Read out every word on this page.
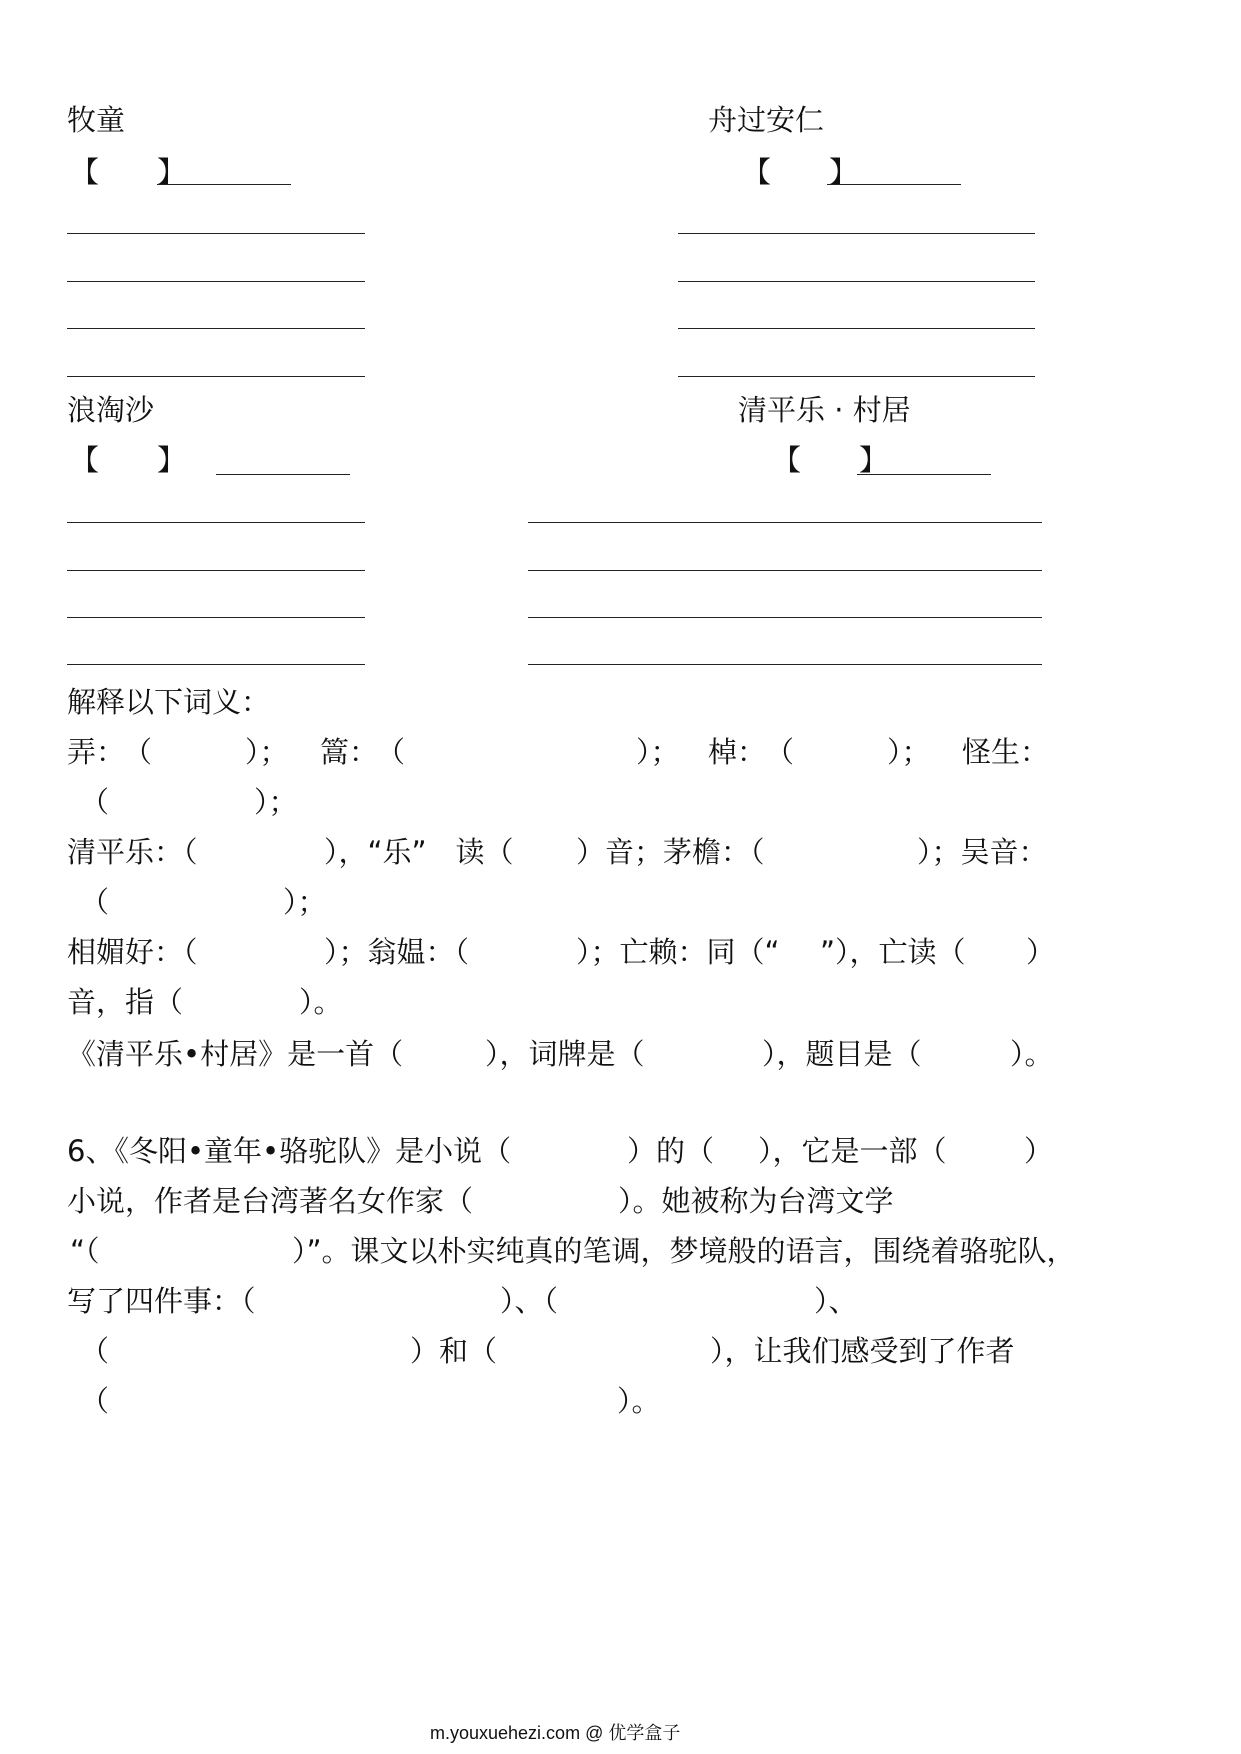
牧童
【　　】
舟过安仁
【　　】
浪淘沙
【　　】
清平乐 · 村居
【　　】
解释以下词义：
弄：
（	）； 篙：
（	）； 棹：
（	）； 怪生：
（　　　　　）；
清平乐：（	），“乐”　读（ ）音；茅檐：（	）；吴音：
（　　　　　　）；
相媚好：（	）；翁媪：（	）；亡赖：同（“ ”），亡读（ ）
音，指（　　　　）。
《清平乐•村居》是一首（	），词牌是（	），题目是（	）。
6、《冬阳•童年•骆驼队》是小说（	）的（ ），它是一部（	）
小说，作者是台湾著名女作家（　　　　　）。她被称为台湾文学
“（	）”。课文以朴实纯真的笔调，梦境般的语言，围绕着骆驼队，
写了四件事：（	）、（	）、
（	）和（	），让我们感受到了作者
（	）。
m.youxuehezi.com @ 优学盒子
